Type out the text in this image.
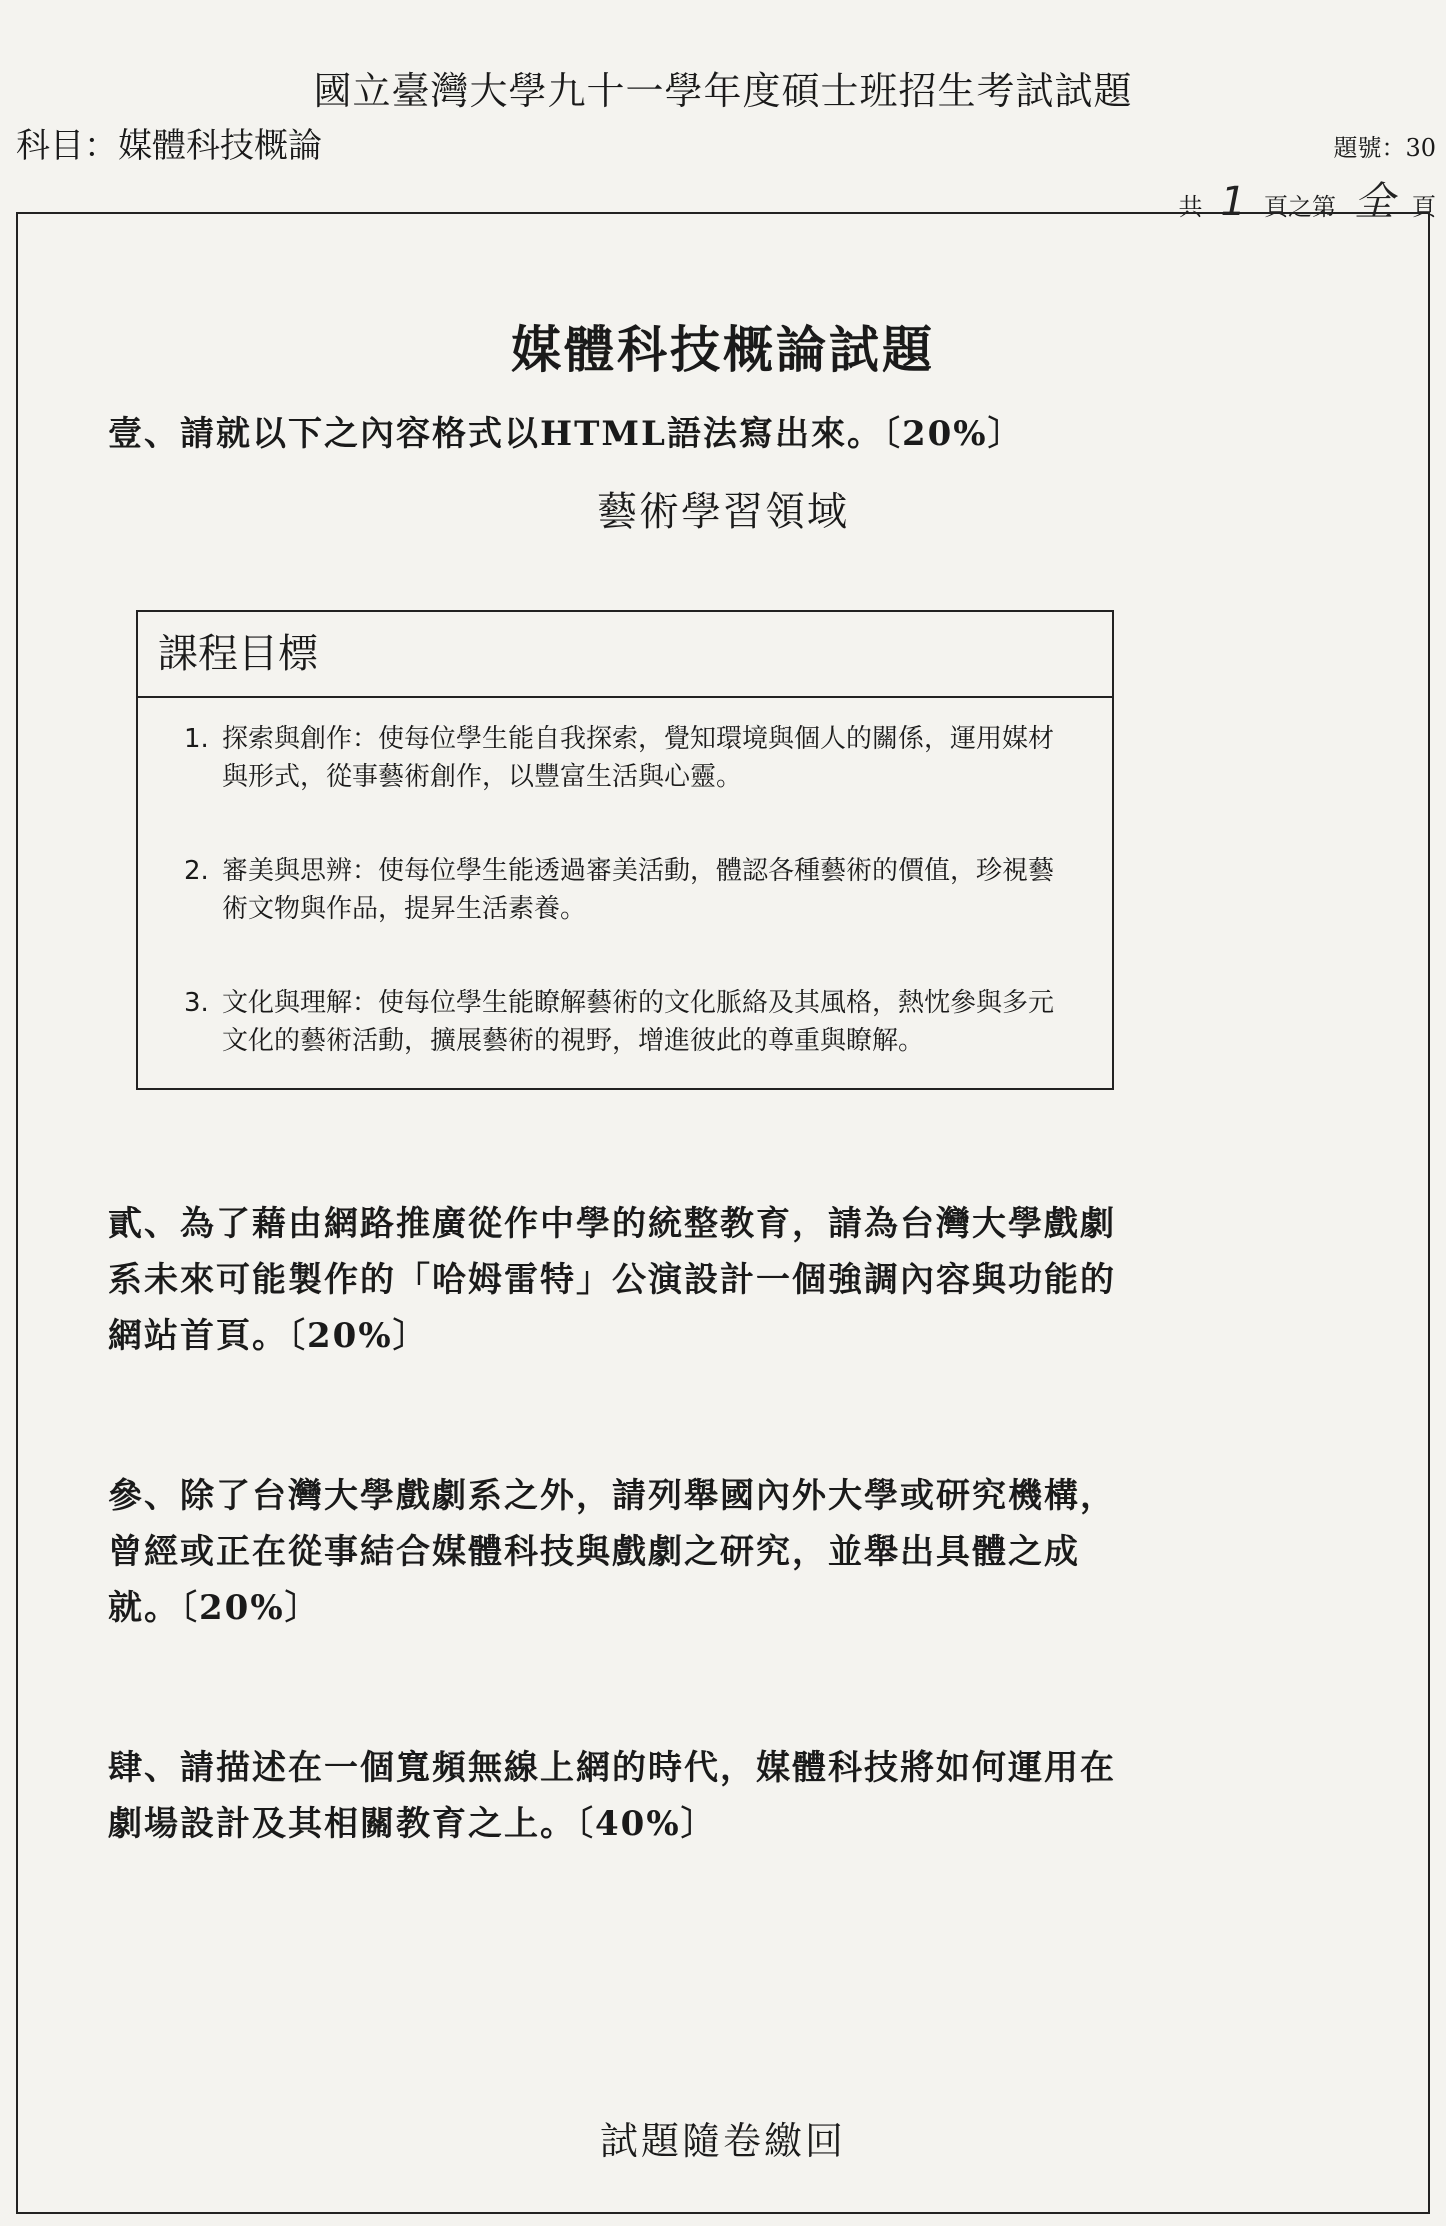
國立臺灣大學九十一學年度碩士班招生考試試題
科目：媒體科技概論	題號：30
共 1 頁之第 全 頁
媒體科技概論試題
壹、請就以下之內容格式以HTML語法寫出來。〔20%〕
藝術學習領域
課程目標
1. 探索與創作：使每位學生能自我探索，覺知環境與個人的關係，運用媒材與形式，從事藝術創作，以豐富生活與心靈。
2. 審美與思辨：使每位學生能透過審美活動，體認各種藝術的價值，珍視藝術文物與作品，提昇生活素養。
3. 文化與理解：使每位學生能瞭解藝術的文化脈絡及其風格，熱忱參與多元文化的藝術活動，擴展藝術的視野，增進彼此的尊重與瞭解。
貳、為了藉由網路推廣從作中學的統整教育，請為台灣大學戲劇系未來可能製作的「哈姆雷特」公演設計一個強調內容與功能的網站首頁。〔20%〕
參、除了台灣大學戲劇系之外，請列舉國內外大學或研究機構，曾經或正在從事結合媒體科技與戲劇之研究，並舉出具體之成就。〔20%〕
肆、請描述在一個寬頻無線上網的時代，媒體科技將如何運用在劇場設計及其相關教育之上。〔40%〕
試題隨卷繳回
